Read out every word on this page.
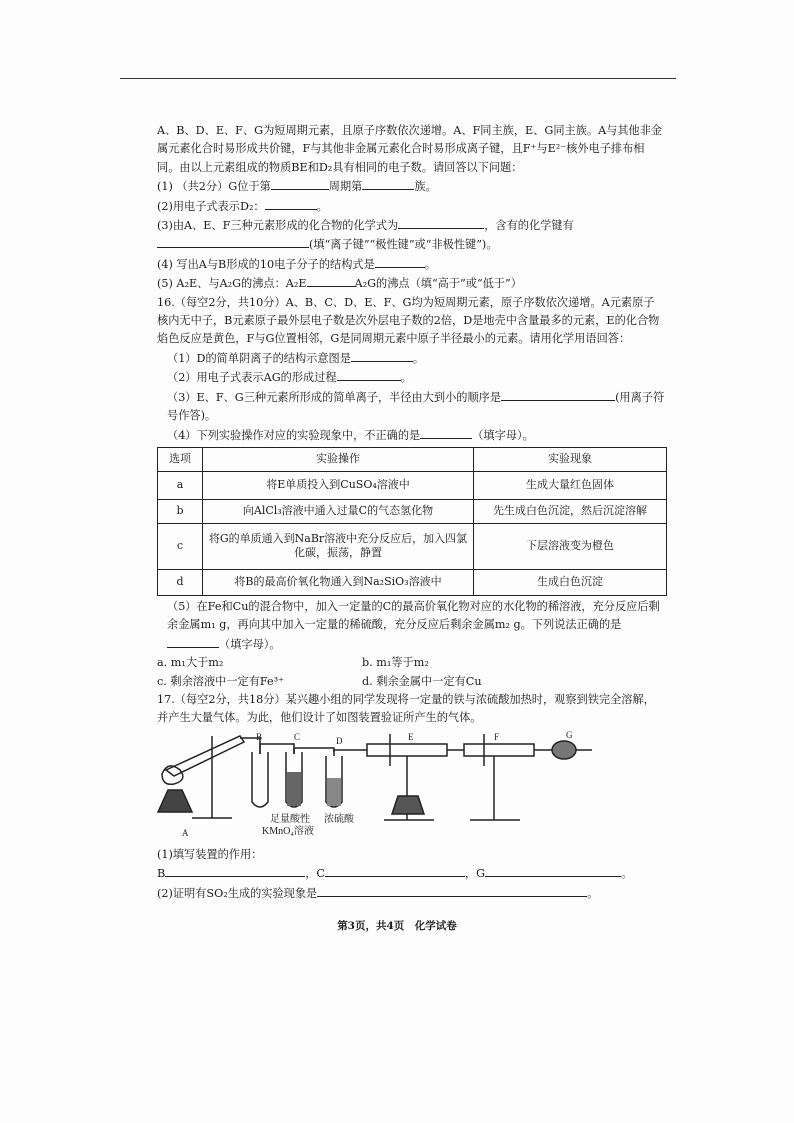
A、B、D、E、F、G为短周期元素，且原子序数依次递增。A、F同主族，E、G同主族。A与其他非金属元素化合时易形成共价键，F与其他非金属元素化合时易形成离子键，且F⁺与E²⁻核外电子排布相同。由以上元素组成的物质BE和D₂具有相同的电子数。请回答以下问题：

(1) （共2分）G位于第	周期第	族。

(2)用电子式表示D₂：	。

(3)由A、E、F三种元素形成的化合物的化学式为	，含有的化学键有
(填“离子键”“极性键”或“非极性键”)。

(4) 写出A与B形成的10电子分子的结构式是	。

(5) A₂E、与A₂G的沸点：A₂E	A₂G的沸点（填“高于”或“低于”）

16.（每空2分，共10分）A、B、C、D、E、F、G均为短周期元素，原子序数依次递增。A元素原子核内无中子，B元素原子最外层电子数是次外层电子数的2倍，D是地壳中含量最多的元素，E的化合物焰色反应是黄色，F与G位置相邻，G是同周期元素中原子半径最小的元素。请用化学用语回答：

（1）D的简单阴离子的结构示意图是	。

（2）用电子式表示AG的形成过程	。

（3）E、F、G三种元素所形成的简单离子，半径由大到小的顺序是	(用离子符号作答)。

（4）下列实验操作对应的实验现象中，不正确的是	（填字母）。

选项	实验操作	实验现象
a	将E单质投入到CuSO₄溶液中	生成大量红色固体
b	向AlCl₃溶液中通入过量C的气态氢化物	先生成白色沉淀，然后沉淀溶解
c	将G的单质通入到NaBr溶液中充分反应后，加入四氯化碳，振荡，静置	下层溶液变为橙色
d	将B的最高价氧化物通入到Na₂SiO₃溶液中	生成白色沉淀

（5）在Fe和Cu的混合物中，加入一定量的C的最高价氧化物对应的水化物的稀溶液，充分反应后剩余金属m₁ g，再向其中加入一定量的稀硫酸，充分反应后剩余金属m₂ g。下列说法正确的是（填字母）。

a. m₁大于m₂	b. m₁等于m₂
c. 剩余溶液中一定有Fe³⁺	d. 剩余金属中一定有Cu

17.（每空2分，共18分）某兴趣小组的同学发现将一定量的铁与浓硫酸加热时，观察到铁完全溶解，并产生大量气体。为此，他们设计了如图装置验证所产生的气体。

A
B	C	D	E	F	G
足量酸性
KMnO₄溶液
浓硫酸

(1)填写装置的作用：

B	，C	，G	。

(2)证明有SO₂生成的实验现象是	。

第3页，共4页　化学试卷
